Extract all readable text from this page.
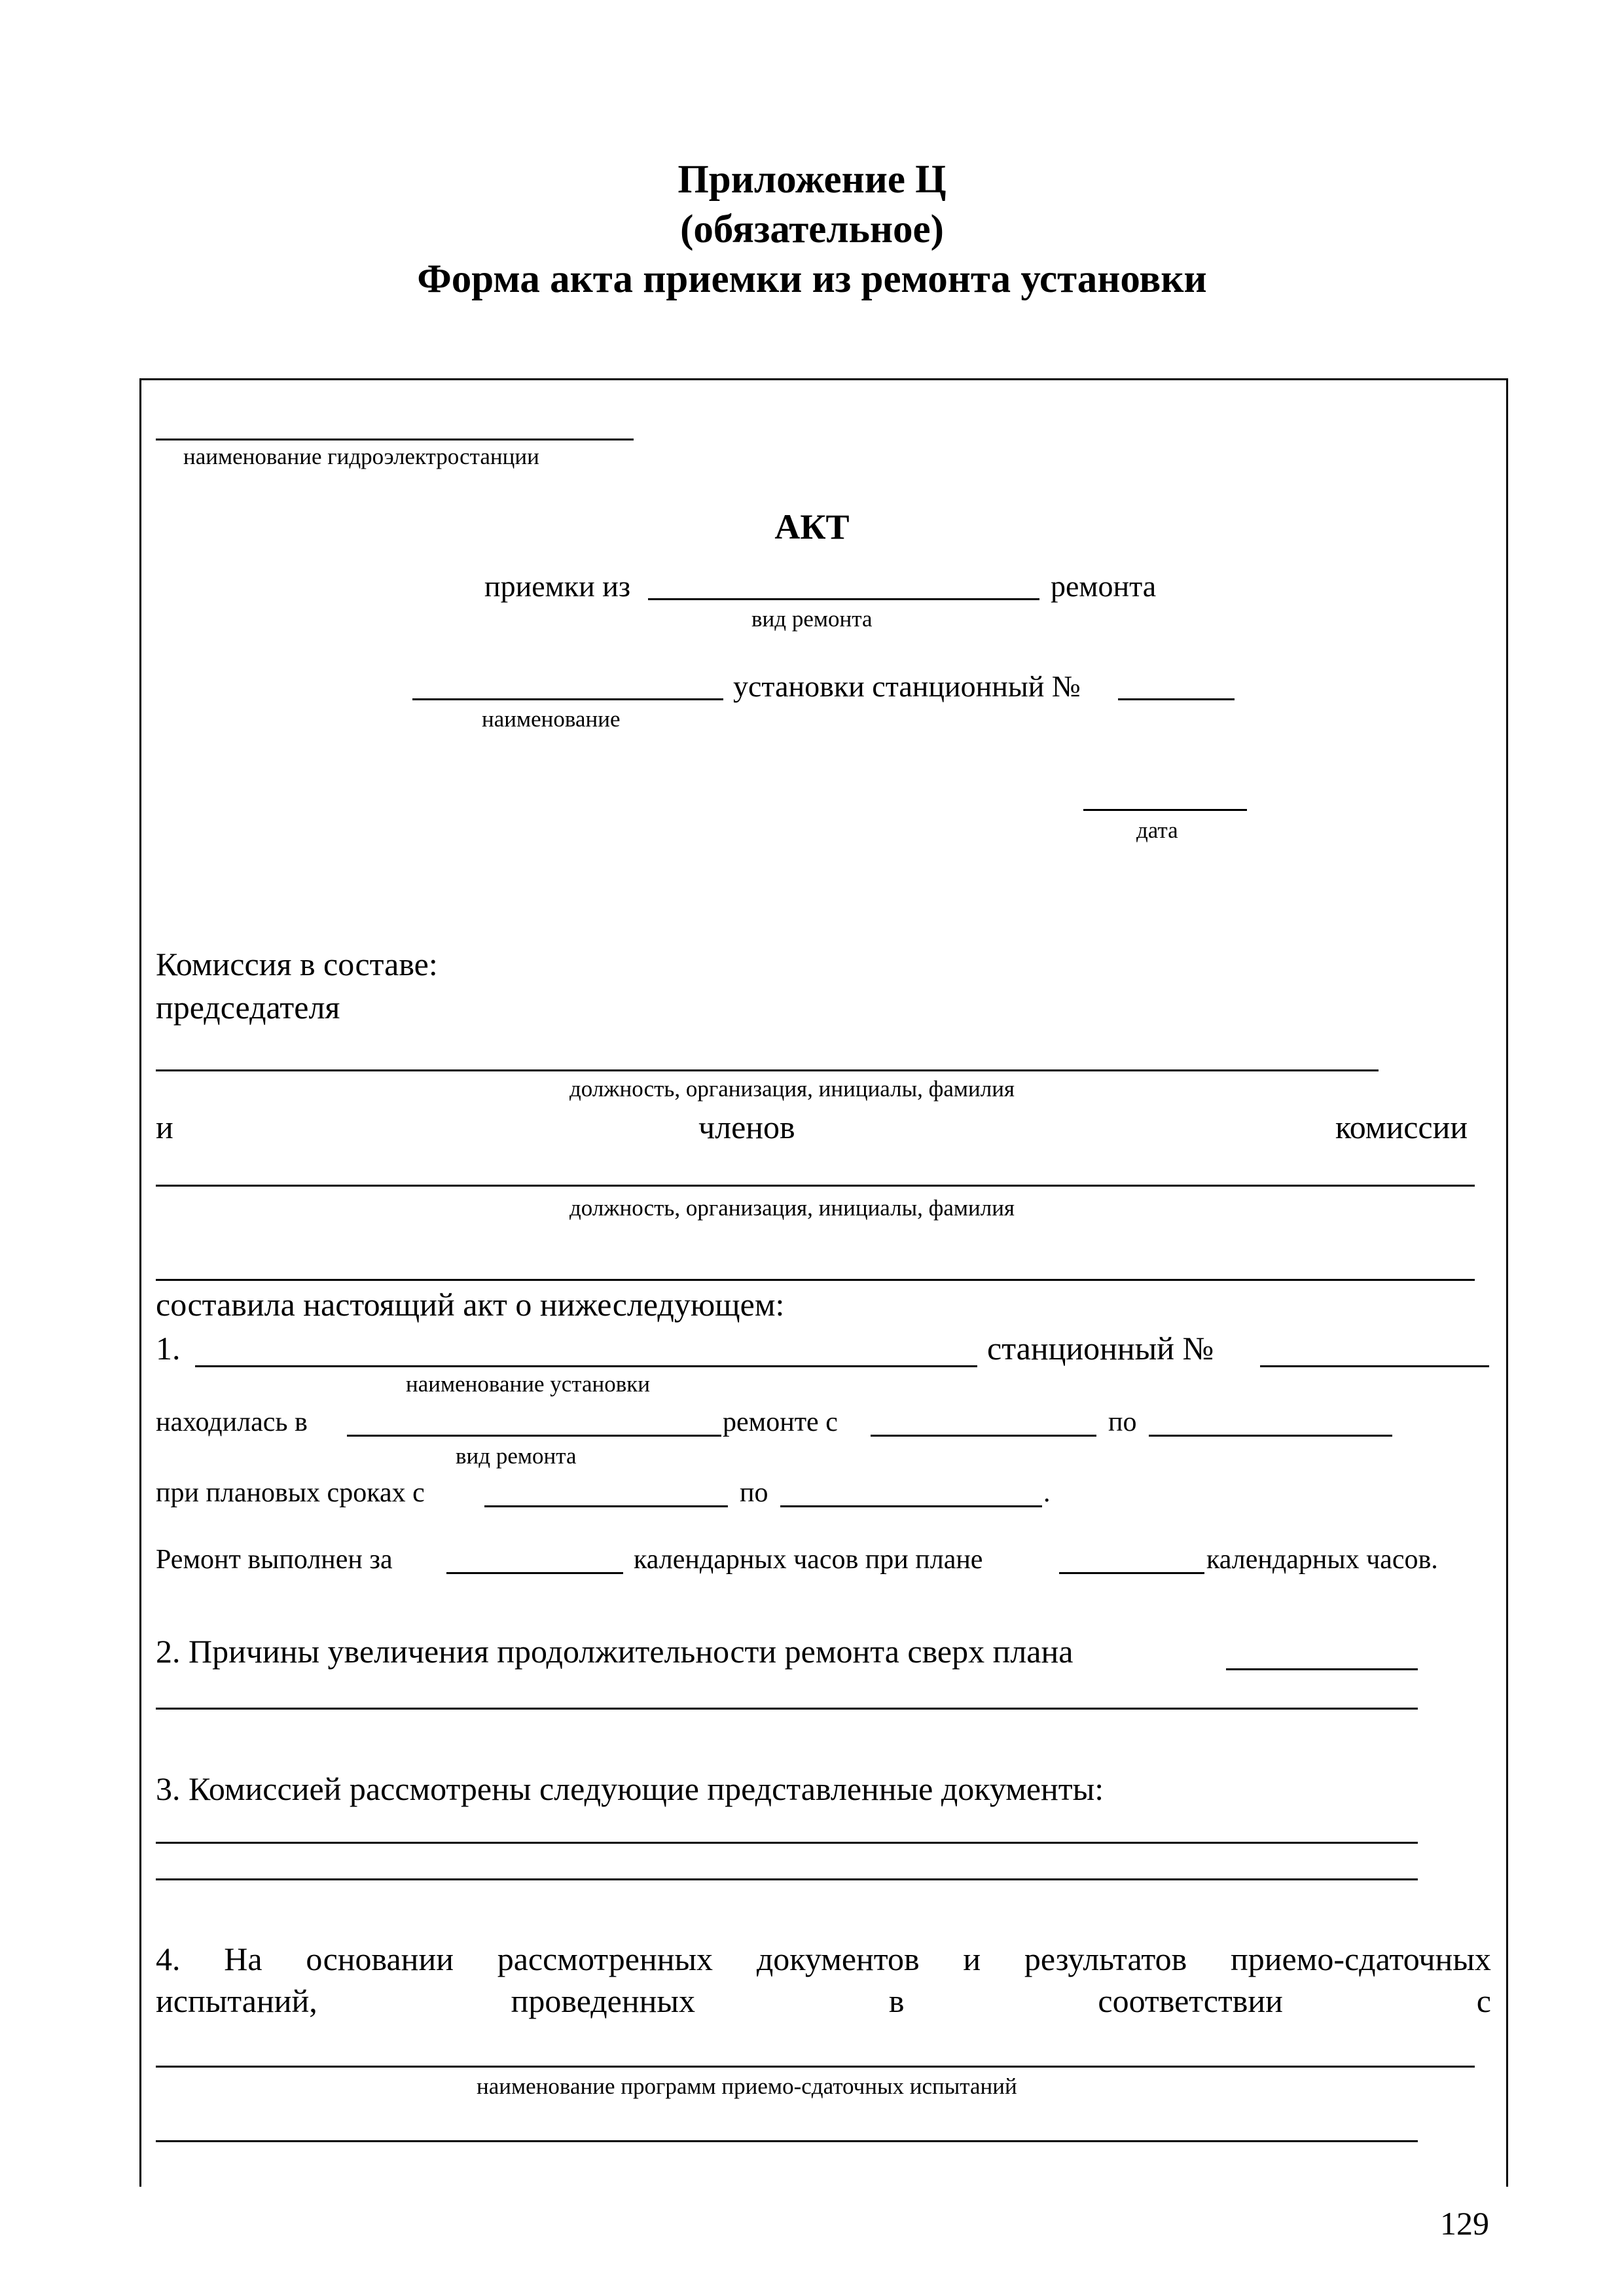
Приложение Ц
(обязательное)
Форма акта приемки из ремонта установки
наименование гидроэлектростанции
АКТ
приемки из	ремонта
вид ремонта
установки станционный №
наименование
дата
Комиссия в составе:
председателя
должность, организация, инициалы, фамилия
и	членов	комиссии
должность, организация, инициалы, фамилия
составила настоящий акт о нижеследующем:
1.	станционный №
наименование установки
находилась в	ремонте с	по
вид ремонта
при плановых сроках с	по	.
Ремонт выполнен за	календарных часов при плане	календарных часов.
2. Причины увеличения продолжительности ремонта сверх плана
3. Комиссией рассмотрены следующие представленные документы:
4. На основании рассмотренных документов и результатов приемо-сдаточных
испытаний,	проведенных	в	соответствии	с
наименование программ приемо-сдаточных испытаний
129
